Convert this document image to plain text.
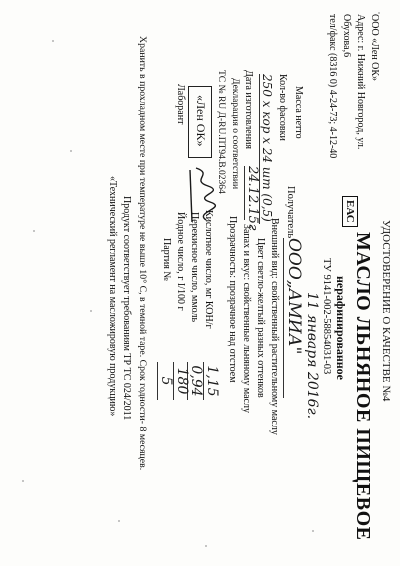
УДОСТОВЕРЕНИЕ О КАЧЕСТВЕ №4
МАСЛО ЛЬНЯНОЕ ПИЩЕВОЕ
нерафинированное
ТУ 9141-002-58854031-03
ООО «Лен ОК»
Адрес: г. Нижний Новгород, ул.
Обухова,6
тел/факс (8316 0) 4-24-73; 4-12-40
ЕАС
11 января 2016г.
Получатель
ООО„АМИА"
Внешний вид: свойственный растительному маслу
Цвет светло-желтый разных оттенков
Запах и вкус: свойственные льняному маслу
Прозрачность: прозрачное над отстоем
Масса нетто
Кол-во фасовки
250 х кор х 24 шт (0,5)
Дата изготовления
24.12.15г
Декларация о соответствии
ТС № RU Д-RU.ПТ94.В.02364
«Лен ОК»
Лаборант
Кислотное число, мг КОН/г
1,15
Перекисное число, ммоль
0,94
Йодное число, г I/100 г
180
Партия №
5
Хранить в прохладном месте при температуре не выше 10° С, в темной таре. Срок годности- 8 месяцев.
Продукт соответствует требованиям ТР ТС 024/2011
«Технический регламент на масложировую продукцию»
